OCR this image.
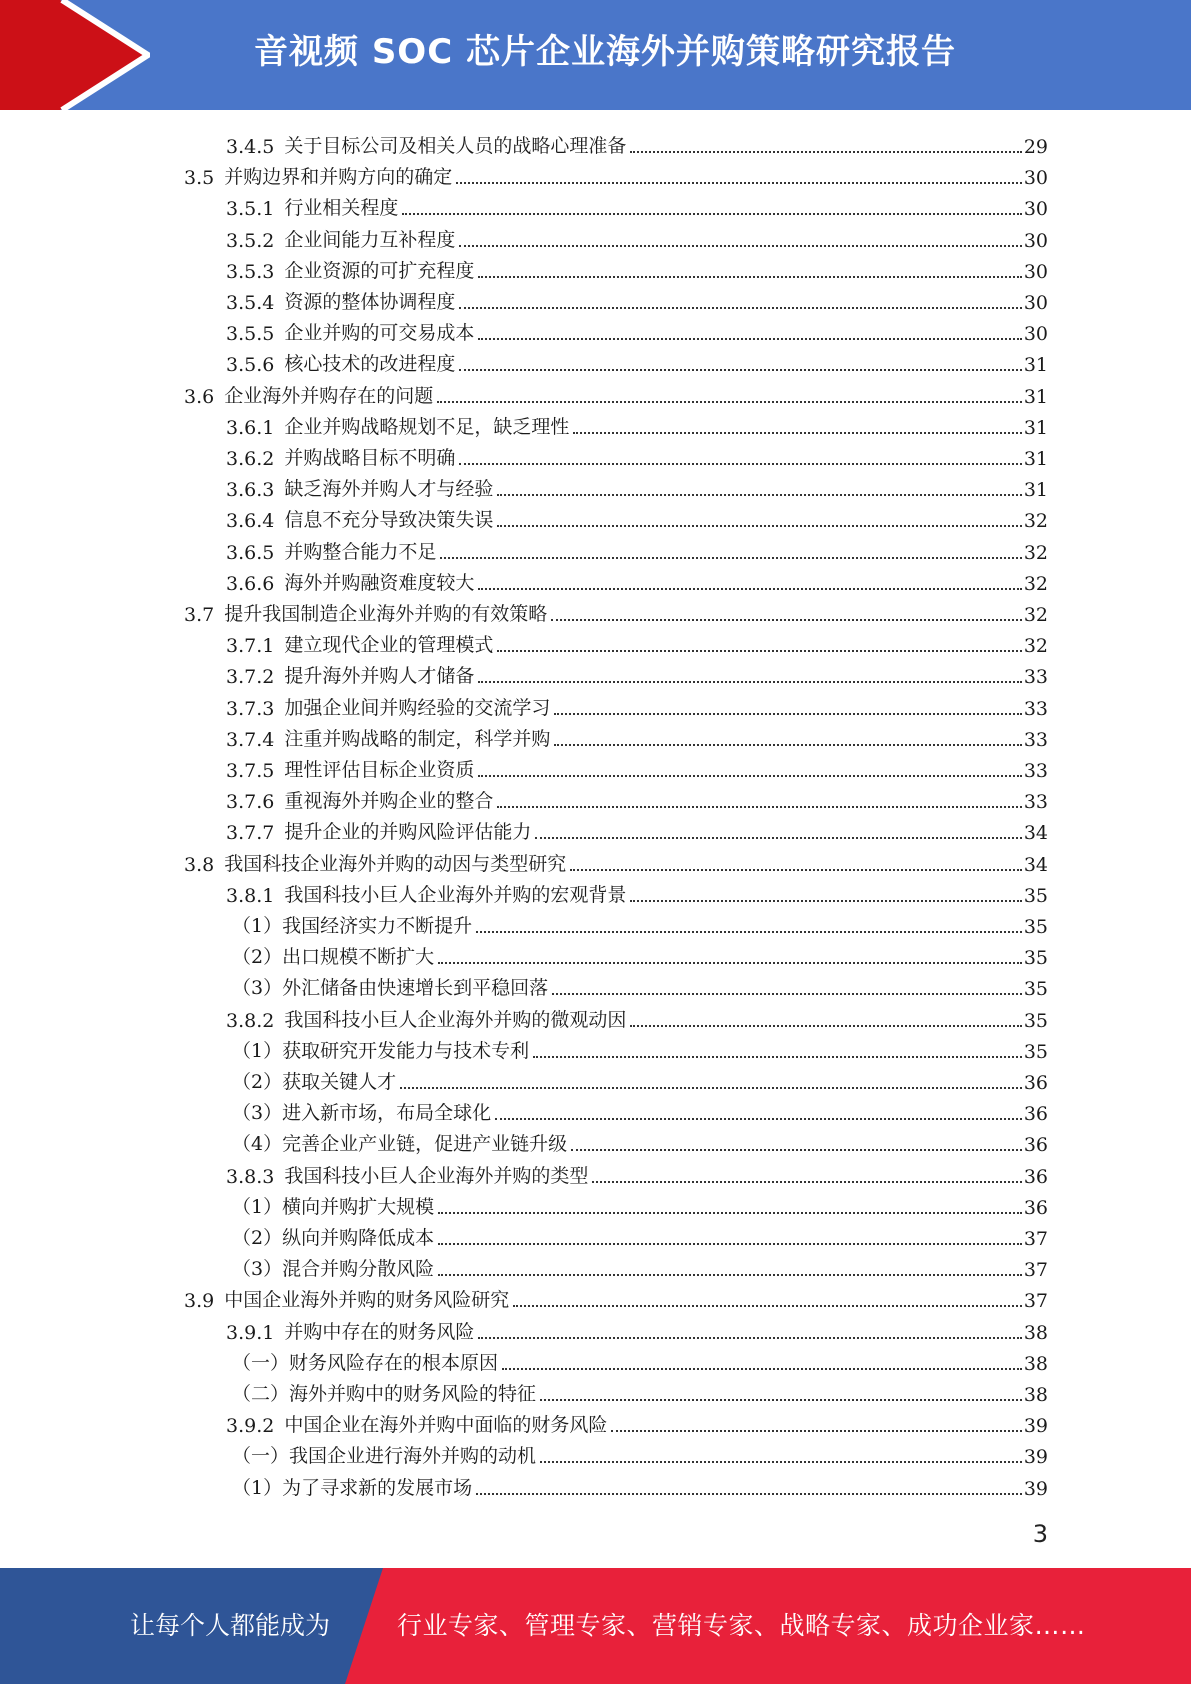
音视频 SOC 芯片企业海外并购策略研究报告
3.4.5 关于目标公司及相关人员的战略心理准备	29
3.5 并购边界和并购方向的确定	30
3.5.1 行业相关程度	30
3.5.2 企业间能力互补程度	30
3.5.3 企业资源的可扩充程度	30
3.5.4 资源的整体协调程度	30
3.5.5 企业并购的可交易成本	30
3.5.6 核心技术的改进程度	31
3.6 企业海外并购存在的问题	31
3.6.1 企业并购战略规划不足，缺乏理性	31
3.6.2 并购战略目标不明确	31
3.6.3 缺乏海外并购人才与经验	31
3.6.4 信息不充分导致决策失误	32
3.6.5 并购整合能力不足	32
3.6.6 海外并购融资难度较大	32
3.7 提升我国制造企业海外并购的有效策略	32
3.7.1 建立现代企业的管理模式	32
3.7.2 提升海外并购人才储备	33
3.7.3 加强企业间并购经验的交流学习	33
3.7.4 注重并购战略的制定，科学并购	33
3.7.5 理性评估目标企业资质	33
3.7.6 重视海外并购企业的整合	33
3.7.7 提升企业的并购风险评估能力	34
3.8 我国科技企业海外并购的动因与类型研究	34
3.8.1 我国科技小巨人企业海外并购的宏观背景	35
（1） 我国经济实力不断提升	35
（2） 出口规模不断扩大	35
（3） 外汇储备由快速增长到平稳回落	35
3.8.2 我国科技小巨人企业海外并购的微观动因	35
（1） 获取研究开发能力与技术专利	35
（2） 获取关键人才	36
（3） 进入新市场，布局全球化	36
（4） 完善企业产业链，促进产业链升级	36
3.8.3 我国科技小巨人企业海外并购的类型	36
（1） 横向并购扩大规模	36
（2） 纵向并购降低成本	37
（3） 混合并购分散风险	37
3.9 中国企业海外并购的财务风险研究	37
3.9.1 并购中存在的财务风险	38
（一） 财务风险存在的根本原因	38
（二） 海外并购中的财务风险的特征	38
3.9.2 中国企业在海外并购中面临的财务风险	39
（一） 我国企业进行海外并购的动机	39
（1） 为了寻求新的发展市场	39
3
让每个人都能成为	行业专家、管理专家、营销专家、战略专家、成功企业家……
